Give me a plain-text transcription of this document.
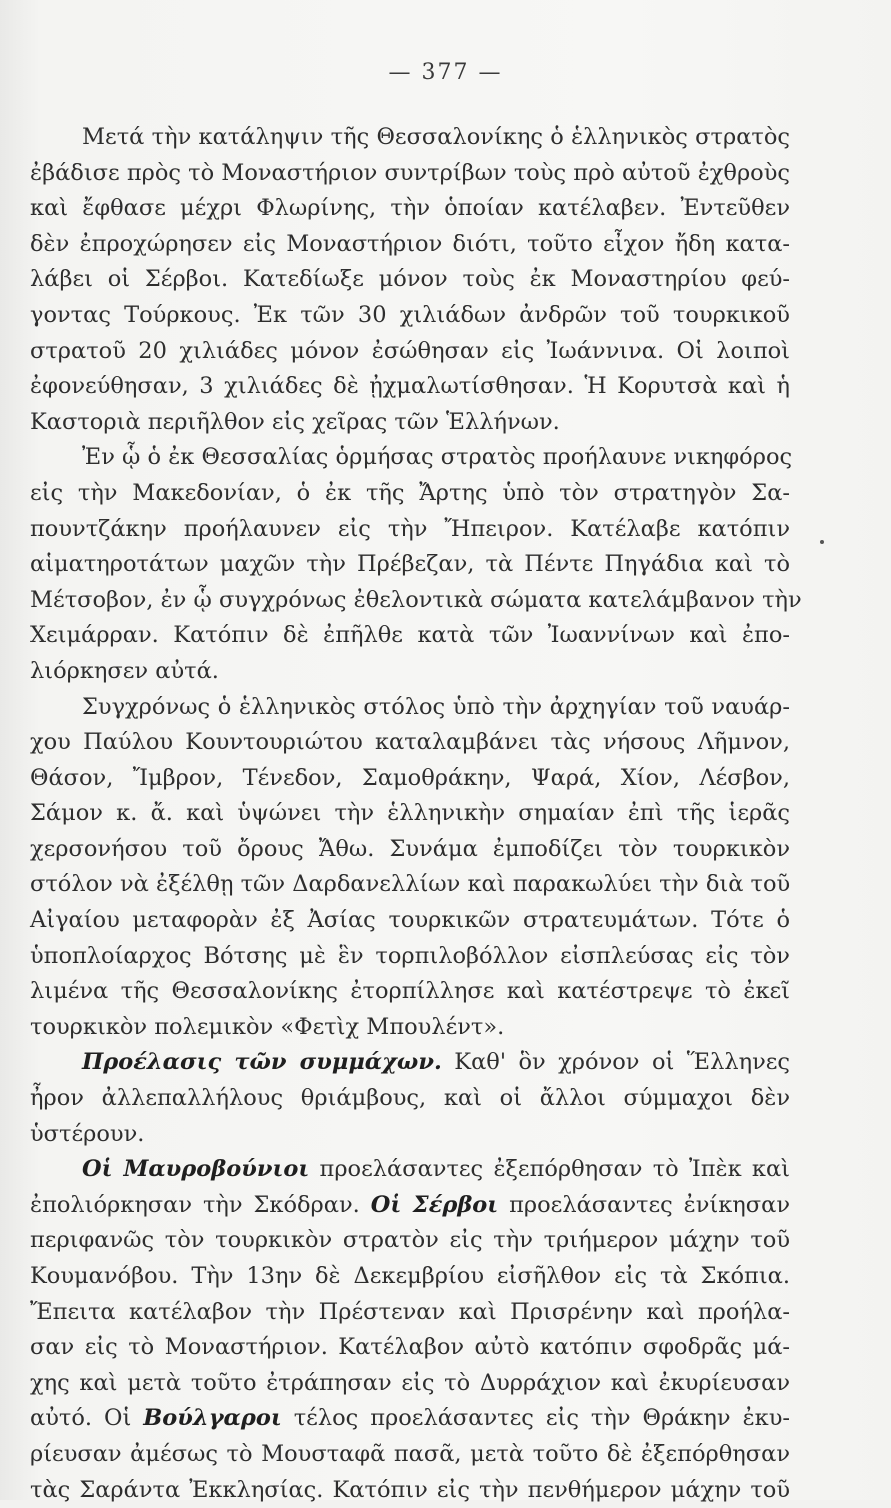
— 377 —
Μετά τὴν κατάληψιν τῆς Θεσσαλονίκης ὁ ἑλληνικὸς στρατὸς
ἐβάδισε πρὸς τὸ Μοναστήριον συντρίβων τοὺς πρὸ αὐτοῦ ἐχθροὺς
καὶ ἔφθασε μέχρι Φλωρίνης, τὴν ὁποίαν κατέλαβεν. Ἐντεῦθεν
δὲν ἐπροχώρησεν εἰς Μοναστήριον διότι, τοῦτο εἶχον ἤδη κατα-
λάβει οἱ Σέρβοι. Κατεδίωξε μόνον τοὺς ἐκ Μοναστηρίου φεύ-
γοντας Τούρκους. Ἐκ τῶν 30 χιλιάδων ἀνδρῶν τοῦ τουρκικοῦ
στρατοῦ 20 χιλιάδες μόνον ἐσώθησαν εἰς Ἰωάννινα. Οἱ λοιποὶ
ἐφονεύθησαν, 3 χιλιάδες δὲ ᾐχμαλωτίσθησαν. Ἡ Κορυτσὰ καὶ ἡ
Καστοριὰ περιῆλθον εἰς χεῖρας τῶν Ἑλλήνων.
Ἐν ᾧ ὁ ἐκ Θεσσαλίας ὁρμήσας στρατὸς προήλαυνε νικηφόρος
εἰς τὴν Μακεδονίαν, ὁ ἐκ τῆς Ἄρτης ὑπὸ τὸν στρατηγὸν Σα-
πουντζάκην προήλαυνεν εἰς τὴν Ἤπειρον. Κατέλαβε κατόπιν
αἱματηροτάτων μαχῶν τὴν Πρέβεζαν, τὰ Πέντε Πηγάδια καὶ τὸ
Μέτσοβον, ἐν ᾧ συγχρόνως ἐθελοντικὰ σώματα κατελάμβανον τὴν
Χειμάρραν. Κατόπιν δὲ ἐπῆλθε κατὰ τῶν Ἰωαννίνων καὶ ἐπο-
λιόρκησεν αὐτά.
Συγχρόνως ὁ ἑλληνικὸς στόλος ὑπὸ τὴν ἀρχηγίαν τοῦ ναυάρ-
χου Παύλου Κουντουριώτου καταλαμβάνει τὰς νήσους Λῆμνον,
Θάσον, Ἴμβρον, Τένεδον, Σαμοθράκην, Ψαρά, Χίον, Λέσβον,
Σάμον κ. ἄ. καὶ ὑψώνει τὴν ἑλληνικὴν σημαίαν ἐπὶ τῆς ἱερᾶς
χερσονήσου τοῦ ὄρους Ἄθω. Συνάμα ἐμποδίζει τὸν τουρκικὸν
στόλον νὰ ἐξέλθῃ τῶν Δαρδανελλίων καὶ παρακωλύει τὴν διὰ τοῦ
Αἰγαίου μεταφορὰν ἐξ Ἀσίας τουρκικῶν στρατευμάτων. Τότε ὁ
ὑποπλοίαρχος Βότσης μὲ ἓν τορπιλοβόλλον εἰσπλεύσας εἰς τὸν
λιμένα τῆς Θεσσαλονίκης ἐτορπίλλησε καὶ κατέστρεψε τὸ ἐκεῖ
τουρκικὸν πολεμικὸν «Φετὶχ Μπουλέντ».
Προέλασις τῶν συμμάχων. Καθ' ὃν χρόνον οἱ Ἕλληνες
ἦρον ἀλλεπαλλήλους θριάμβους, καὶ οἱ ἄλλοι σύμμαχοι δὲν
ὑστέρουν.
Οἱ Μαυροβούνιοι προελάσαντες ἐξεπόρθησαν τὸ Ἰπὲκ καὶ
ἐπολιόρκησαν τὴν Σκόδραν. Οἱ Σέρβοι προελάσαντες ἐνίκησαν
περιφανῶς τὸν τουρκικὸν στρατὸν εἰς τὴν τριήμερον μάχην τοῦ
Κουμανόβου. Τὴν 13ην δὲ Δεκεμβρίου εἰσῆλθον εἰς τὰ Σκόπια.
Ἔπειτα κατέλαβον τὴν Πρέστεναν καὶ Πρισρένην καὶ προήλα-
σαν εἰς τὸ Μοναστήριον. Κατέλαβον αὐτὸ κατόπιν σφοδρᾶς μά-
χης καὶ μετὰ τοῦτο ἐτράπησαν εἰς τὸ Δυρράχιον καὶ ἐκυρίευσαν
αὐτό. Οἱ Βούλγαροι τέλος προελάσαντες εἰς τὴν Θράκην ἐκυ-
ρίευσαν ἀμέσως τὸ Μουσταφᾶ πασᾶ, μετὰ τοῦτο δὲ ἐξεπόρθησαν
τὰς Σαράντα Ἐκκλησίας. Κατόπιν εἰς τὴν πενθήμερον μάχην τοῦ
